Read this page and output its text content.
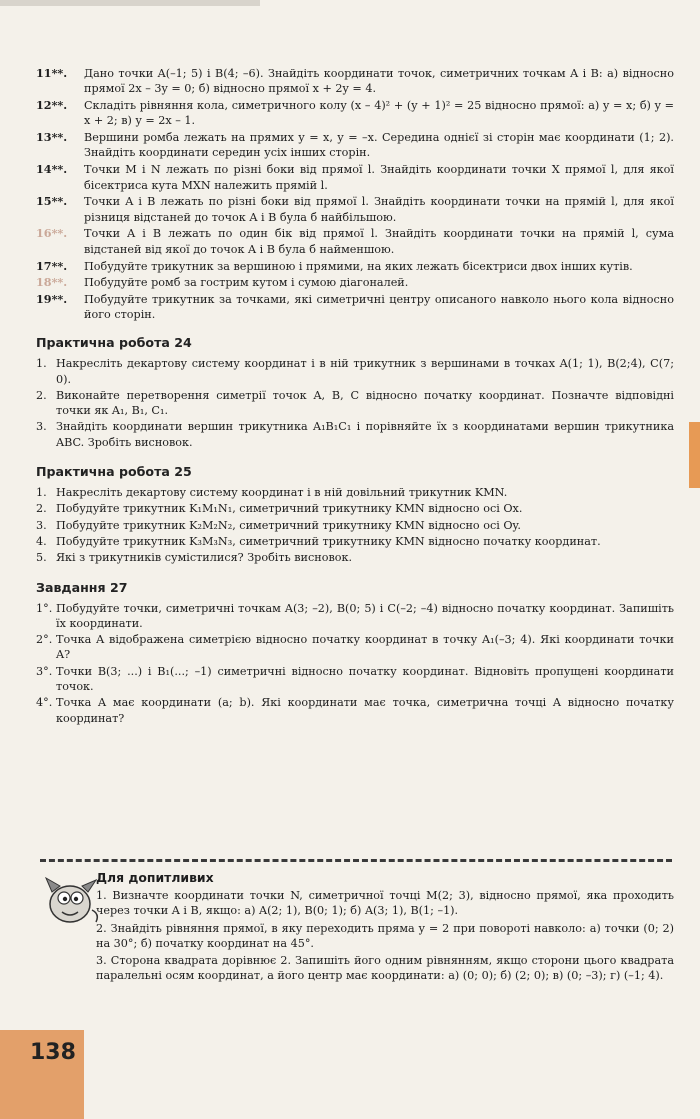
11**.	Дано точки A(–1; 5) і B(4; –6). Знайдіть координати точок, симетричних точкам A і B: а) відносно прямої 2x – 3y = 0; б) відносно прямої x + 2y = 4.
12**.	Складіть рівняння кола, симетричного колу (x – 4)² + (y + 1)² = 25 відносно прямої: а) y = x; б) y = x + 2; в) y = 2x – 1.
13**.	Вершини ромба лежать на прямих y = x, y = –x. Середина однієї зі сторін має координати (1; 2). Знайдіть координати середин усіх інших сторін.
14**.	Точки M і N лежать по різні боки від прямої l. Знайдіть координати точки X прямої l, для якої бісектриса кута MXN належить прямій l.
15**.	Точки A і B лежать по різні боки від прямої l. Знайдіть координати точки на прямій l, для якої різниця відстаней до точок A і B була б найбільшою.
16**.	Точки A і B лежать по один бік від прямої l. Знайдіть координати точки на прямій l, сума відстаней від якої до точок A і B була б найменшою.
17**.	Побудуйте трикутник за вершиною і прямими, на яких лежать бісектриси двох інших кутів.
18**.	Побудуйте ромб за гострим кутом і сумою діагоналей.
19**.	Побудуйте трикутник за точками, які симетричні центру описаного навколо нього кола відносно його сторін.
Практична робота 24
1. Накресліть декартову систему координат і в ній трикутник з вершинами в точках A(1; 1), B(2;4), C(7; 0).
2. Виконайте перетворення симетрії точок A, B, C відносно початку координат. Позначте відповідні точки як A₁, B₁, C₁.
3. Знайдіть координати вершин трикутника A₁B₁C₁ і порівняйте їх з координатами вершин трикутника ABC. Зробіть висновок.
Практична робота 25
1. Накресліть декартову систему координат і в ній довільний трикутник KMN.
2. Побудуйте трикутник K₁M₁N₁, симетричний трикутнику KMN відносно осі Ox.
3. Побудуйте трикутник K₂M₂N₂, симетричний трикутнику KMN відносно осі Oy.
4. Побудуйте трикутник K₃M₃N₃, симетричний трикутнику KMN відносно початку координат.
5. Які з трикутників сумістилися? Зробіть висновок.
Завдання 27
1°. Побудуйте точки, симетричні точкам A(3; –2), B(0; 5) і C(–2; –4) відносно початку координат. Запишіть їх координати.
2°. Точка A відображена симетрією відносно початку координат в точку A₁(–3; 4). Які координати точки A?
3°. Точки B(3; ...) і B₁(...; –1) симетричні відносно початку координат. Відновіть пропущені координати точок.
4°. Точка A має координати (a; b). Які координати має точка, симетрична точці A відносно початку координат?
Для допитливих
1. Визначте координати точки N, симетричної точці M(2; 3), відносно прямої, яка проходить через точки A і B, якщо: а) A(2; 1), B(0; 1); б) A(3; 1), B(1; –1).
2. Знайдіть рівняння прямої, в яку переходить пряма y = 2 при повороті навколо: а) точки (0; 2) на 30°; б) початку координат на 45°.
3. Сторона квадрата дорівнює 2. Запишіть його одним рівнянням, якщо сторони цього квадрата паралельні осям координат, а його центр має координати: а) (0; 0); б) (2; 0); в) (0; –3); г) (–1; 4).
138
